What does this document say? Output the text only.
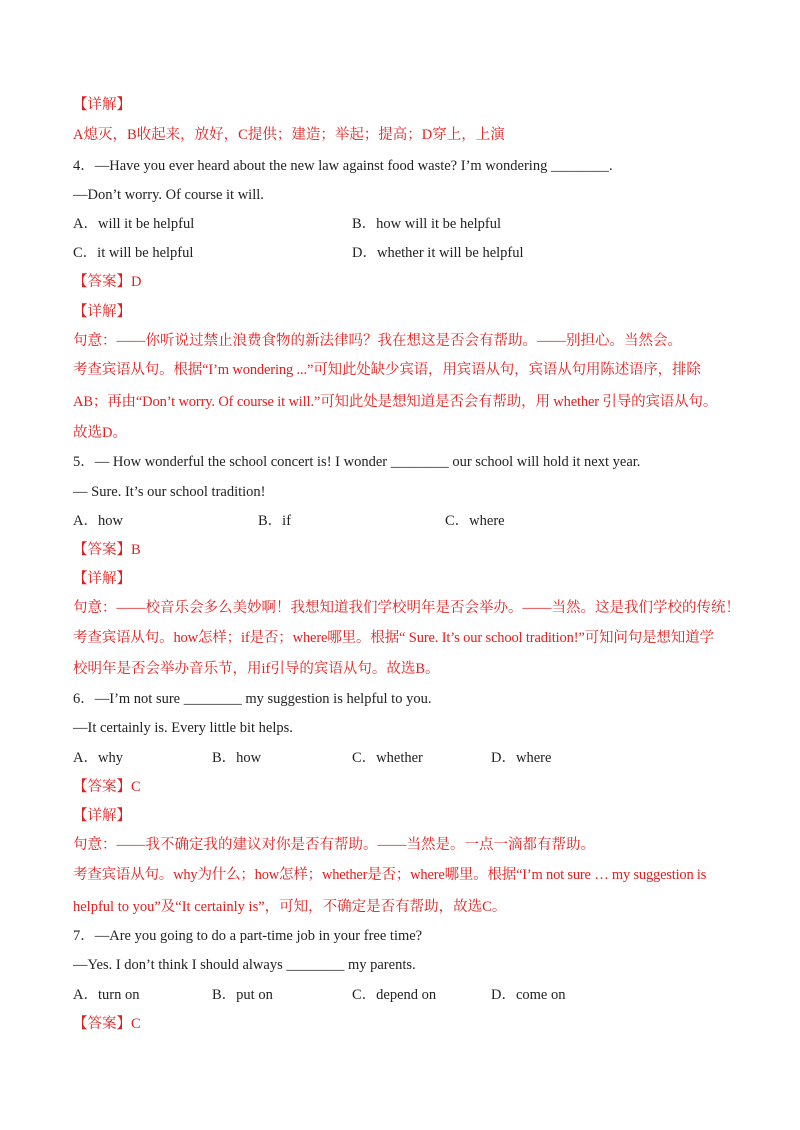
【详解】
A熄灭，B收起来，放好，C提供；建造；举起；提高；D穿上，上演
4．—Have you ever heard about the new law against food waste? I’m wondering ________.
—Don’t worry. Of course it will.
A．will it be helpful	B．how will it be helpful
C．it will be helpful	D．whether it will be helpful
【答案】D
【详解】
句意：——你听说过禁止浪费食物的新法律吗？我在想这是否会有帮助。——别担心。当然会。
考查宾语从句。根据“I’m wondering ...”可知此处缺少宾语，用宾语从句，宾语从句用陈述语序，排除
AB；再由“Don’t worry. Of course it will.”可知此处是想知道是否会有帮助，用 whether 引导的宾语从句。
故选D。
5．— How wonderful the school concert is! I wonder ________ our school will hold it next year.
— Sure. It’s our school tradition!
A．how	B．if	C．where
【答案】B
【详解】
句意：——校音乐会多么美妙啊！我想知道我们学校明年是否会举办。——当然。这是我们学校的传统！
考查宾语从句。how怎样；if是否；where哪里。根据“ Sure. It’s our school tradition!”可知问句是想知道学
校明年是否会举办音乐节，用if引导的宾语从句。故选B。
6．—I’m not sure ________ my suggestion is helpful to you.
—It certainly is. Every little bit helps.
A．why	B．how	C．whether	D．where
【答案】C
【详解】
句意：——我不确定我的建议对你是否有帮助。——当然是。一点一滴都有帮助。
考查宾语从句。why为什么；how怎样；whether是否；where哪里。根据“I’m not sure … my suggestion is
helpful to you”及“It certainly is”，可知，不确定是否有帮助，故选C。
7．—Are you going to do a part-time job in your free time?
—Yes. I don’t think I should always ________ my parents.
A．turn on	B．put on	C．depend on	D．come on
【答案】C
